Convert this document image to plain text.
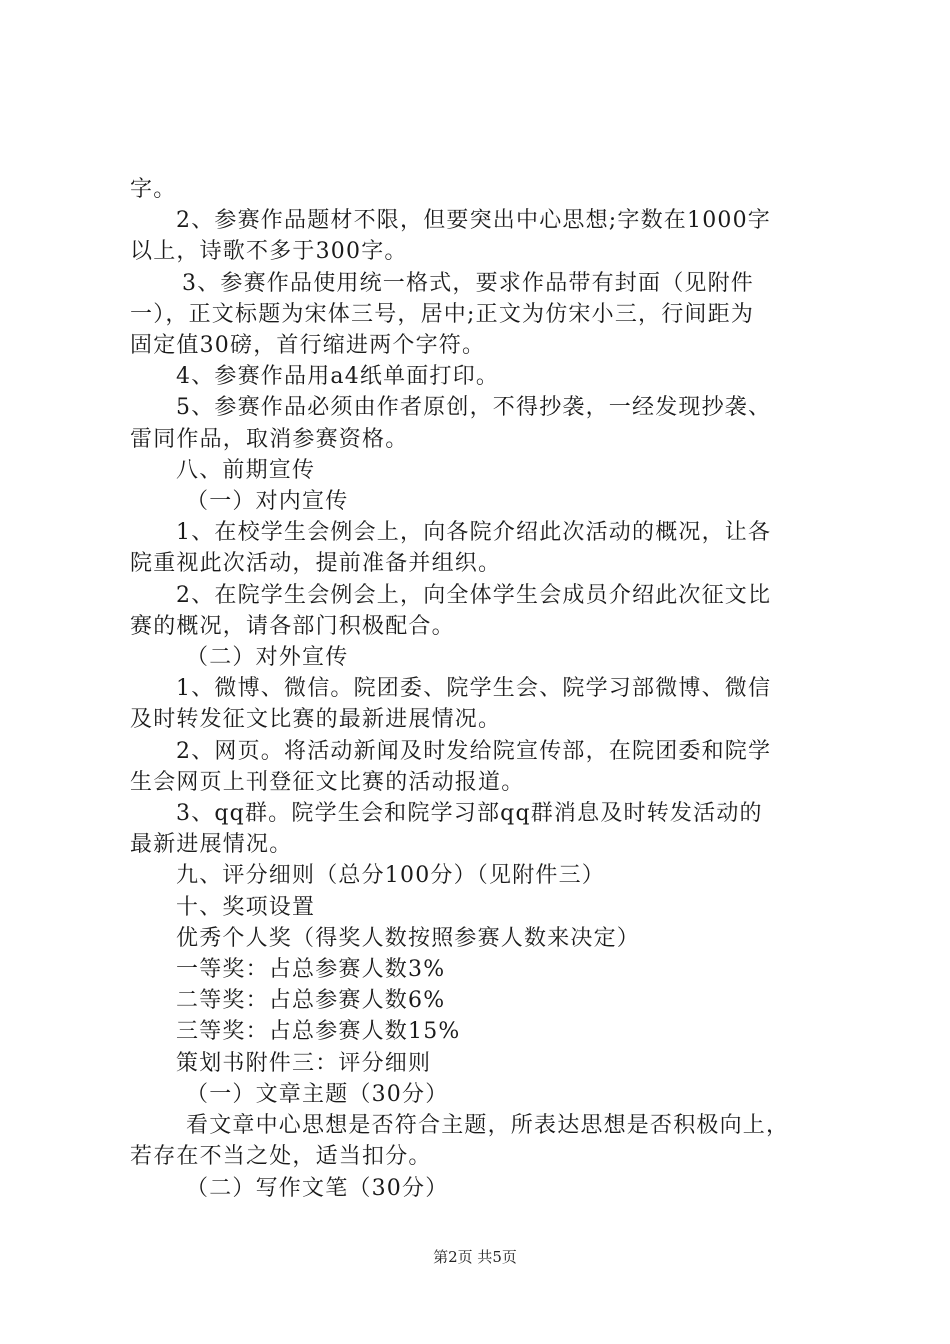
字。
2、参赛作品题材不限，但要突出中心思想;字数在1000字
以上，诗歌不多于300字。
3、参赛作品使用统一格式，要求作品带有封面（见附件
一），正文标题为宋体三号，居中;正文为仿宋小三，行间距为
固定值30磅，首行缩进两个字符。
4、参赛作品用a4纸单面打印。
5、参赛作品必须由作者原创，不得抄袭，一经发现抄袭、
雷同作品，取消参赛资格。
八、前期宣传
（一）对内宣传
1、在校学生会例会上，向各院介绍此次活动的概况，让各
院重视此次活动，提前准备并组织。
2、在院学生会例会上，向全体学生会成员介绍此次征文比
赛的概况，请各部门积极配合。
（二）对外宣传
1、微博、微信。院团委、院学生会、院学习部微博、微信
及时转发征文比赛的最新进展情况。
2、网页。将活动新闻及时发给院宣传部，在院团委和院学
生会网页上刊登征文比赛的活动报道。
3、qq群。院学生会和院学习部qq群消息及时转发活动的
最新进展情况。
九、评分细则（总分100分）（见附件三）
十、奖项设置
优秀个人奖（得奖人数按照参赛人数来决定）
一等奖：占总参赛人数3%
二等奖：占总参赛人数6%
三等奖：占总参赛人数15%
策划书附件三：评分细则
（一）文章主题（30分）
看文章中心思想是否符合主题，所表达思想是否积极向上，
若存在不当之处，适当扣分。
（二）写作文笔（30分）
第2页 共5页
